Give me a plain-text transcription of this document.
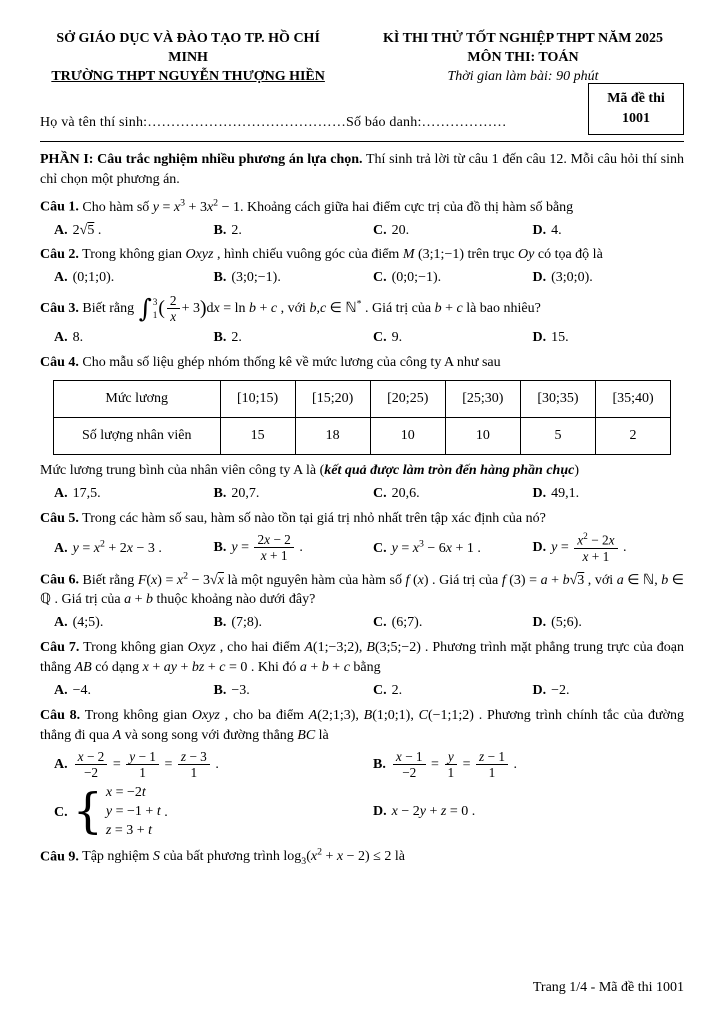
SỞ GIÁO DỤC VÀ ĐÀO TẠO TP. HỒ CHÍ MINH
TRƯỜNG THPT NGUYỄN THƯỢNG HIỀN
KÌ THI THỬ TỐT NGHIỆP THPT NĂM 2025
MÔN THI: TOÁN
Thời gian làm bài: 90 phút
Họ và tên thí sinh:……………………………………Số báo danh:………………
Mã đề thi
1001

PHẦN I: Câu trắc nghiệm nhiều phương án lựa chọn. Thí sinh trả lời từ câu 1 đến câu 12. Mỗi câu hỏi thí sinh chỉ chọn một phương án.

Câu 1. Cho hàm số $y = x^3 + 3x^2 - 1$. Khoảng cách giữa hai điểm cực trị của đồ thị hàm số bằng

A. 2 √ 5 .	B. 2.	C. 20.	D. 4.

Câu 2. Trong không gian Oxyz , hình chiếu vuông góc của điểm M (3;1;−1) trên trục Oy có tọa độ là

A. (0;1;0).	B. (3;0;−1).	C. (0;0;−1).	D. (3;0;0).

Câu 3. Biết rằng ∫ 3
1 ( $\frac{2}{x} + 3)dx = \ln b + c$ , với b,c ∈ ℕ* . Giá trị của b + c là bao nhiêu?

A. 8.	B. 2.	C. 9.	D. 15.

Câu 4. Cho mẫu số liệu ghép nhóm thống kê về mức lương của công ty A như sau

Mức lương	[10;15)	[15;20)	[20;25)	[25;30)	[30;35)	[35;40)
Số lượng nhân viên	15	18	10	10	5	2

Mức lương trung bình của nhân viên công ty A là (kết quả được làm tròn đến hàng phần chục)

A. 17,5.	B. 20,7.	C. 20,6.	D. 49,1.

Câu 5. Trong các hàm số sau, hàm số nào tồn tại giá trị nhỏ nhất trên tập xác định của nó?

A. $y = x^2 + 2x - 3$ .	B. $y = \frac{2x - 2}{x + 1}$ .	C. $y = x^3 - 6x + 1$ .	D. $y = \frac{x^2 - 2x}{x + 1}$ .

Câu 6. Biết rằng $F(x) = x^2 - 3$ √ $\overline{x}$ là một nguyên hàm của hàm số f (x) . Giá trị của f (3) = a + b √ 3 , với a ∈ ℕ, b ∈ ℚ . Giá trị của a + b thuộc khoảng nào dưới đây?

A. (4;5).	B. (7;8).	C. (6;7).	D. (5;6).

Câu 7. Trong không gian Oxyz , cho hai điểm A(1;−3;2), B(3;5;−2) . Phương trình mặt phẳng trung trực của đoạn thẳng AB có dạng x + ay + bz + c = 0 . Khi đó a + b + c bằng

A. −4.	B. −3.	C. 2.	D. −2.

Câu 8. Trong không gian Oxyz , cho ba điểm A(2;1;3), B(1;0;1), C(−1;1;2) . Phương trình chính tắc của đường thẳng đi qua A và song song với đường thẳng BC là

A. $\frac{x - 2}{-2} = \frac{y - 1}{1} = \frac{z - 3}{1}$ .	B. $\frac{x - 1}{-2} = \frac{y}{1} = \frac{z - 1}{1}$ .
C. { x = −2t
y = −1 + t
z = 3 + t
.	D. x − 2y + z = 0 .

Câu 9. Tập nghiệm S của bất phương trình $\log_3(x^2 + x - 2) \le 2$ là

Trang 1/4 - Mã đề thi 1001
